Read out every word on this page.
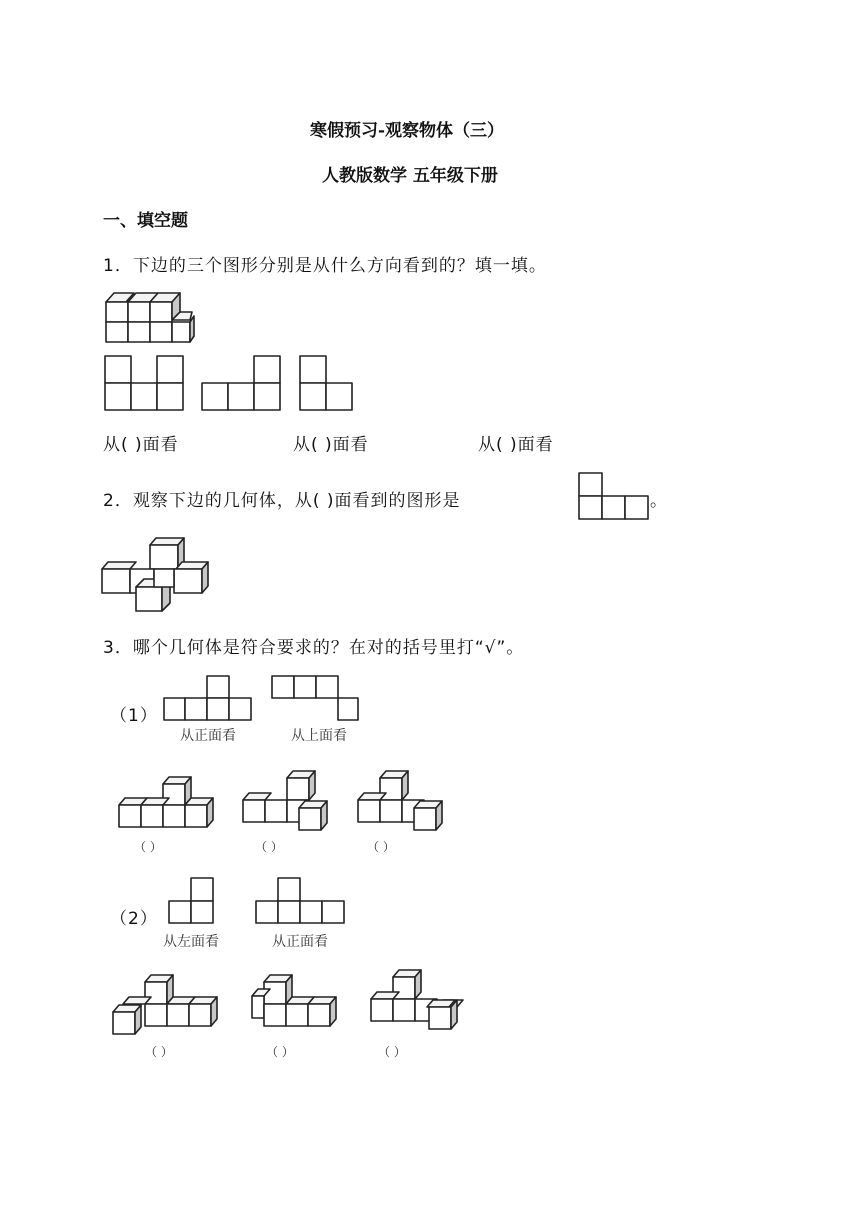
寒假预习-观察物体（三）
人教版数学 五年级下册
一、填空题
1．下边的三个图形分别是从什么方向看到的？填一填。
从( )面看	从( )面看	从( )面看
2．观察下边的几何体，从( )面看到的图形是	。
3．哪个几何体是符合要求的？在对的括号里打“√”。
（1）
从正面看	从上面看
（ ）	（ ）	（ ）
（2）
从左面看	从正面看
（ ）	（ ）	（ ）
